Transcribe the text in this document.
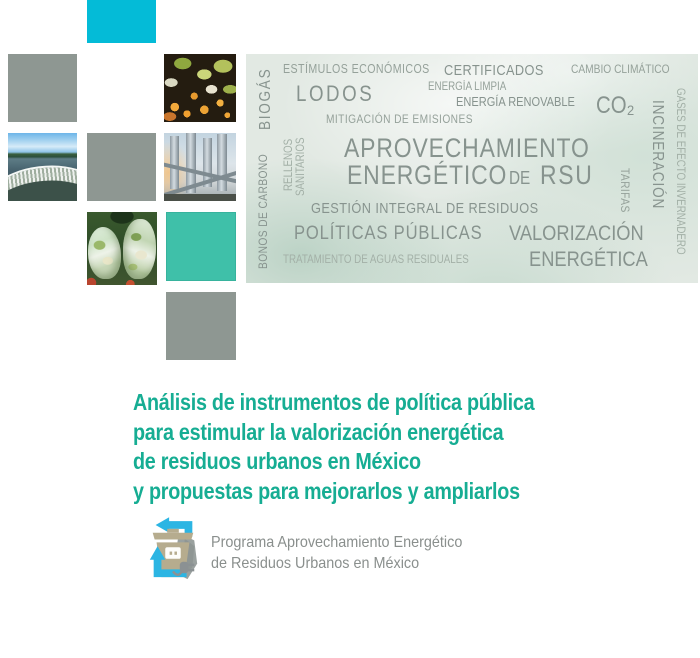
ESTÍMULOS ECONÓMICOS CERTIFICADOS CAMBIO CLIMÁTICO
BIOGÁS LODOS	ENERGÍA LIMPIA
ENERGÍA RENOVABLE CO₂
MITIGACIÓN DE EMISIONES
APROVECHAMIENTO
ENERGÉTICO DE RSU
RELLENOS SANITARIOS	TARIFAS INCINERACIÓN GASES DE EFECTO INVERNADERO
GESTIÓN INTEGRAL DE RESIDUOS
POLÍTICAS PÚBLICAS VALORIZACIÓN
ENERGÉTICA
TRATAMIENTO DE AGUAS RESIDUALES
BONOS DE CARBONO
Análisis de instrumentos de política pública
para estimular la valorización energética
de residuos urbanos en México
y propuestas para mejorarlos y ampliarlos
Programa Aprovechamiento Energético
de Residuos Urbanos en México
